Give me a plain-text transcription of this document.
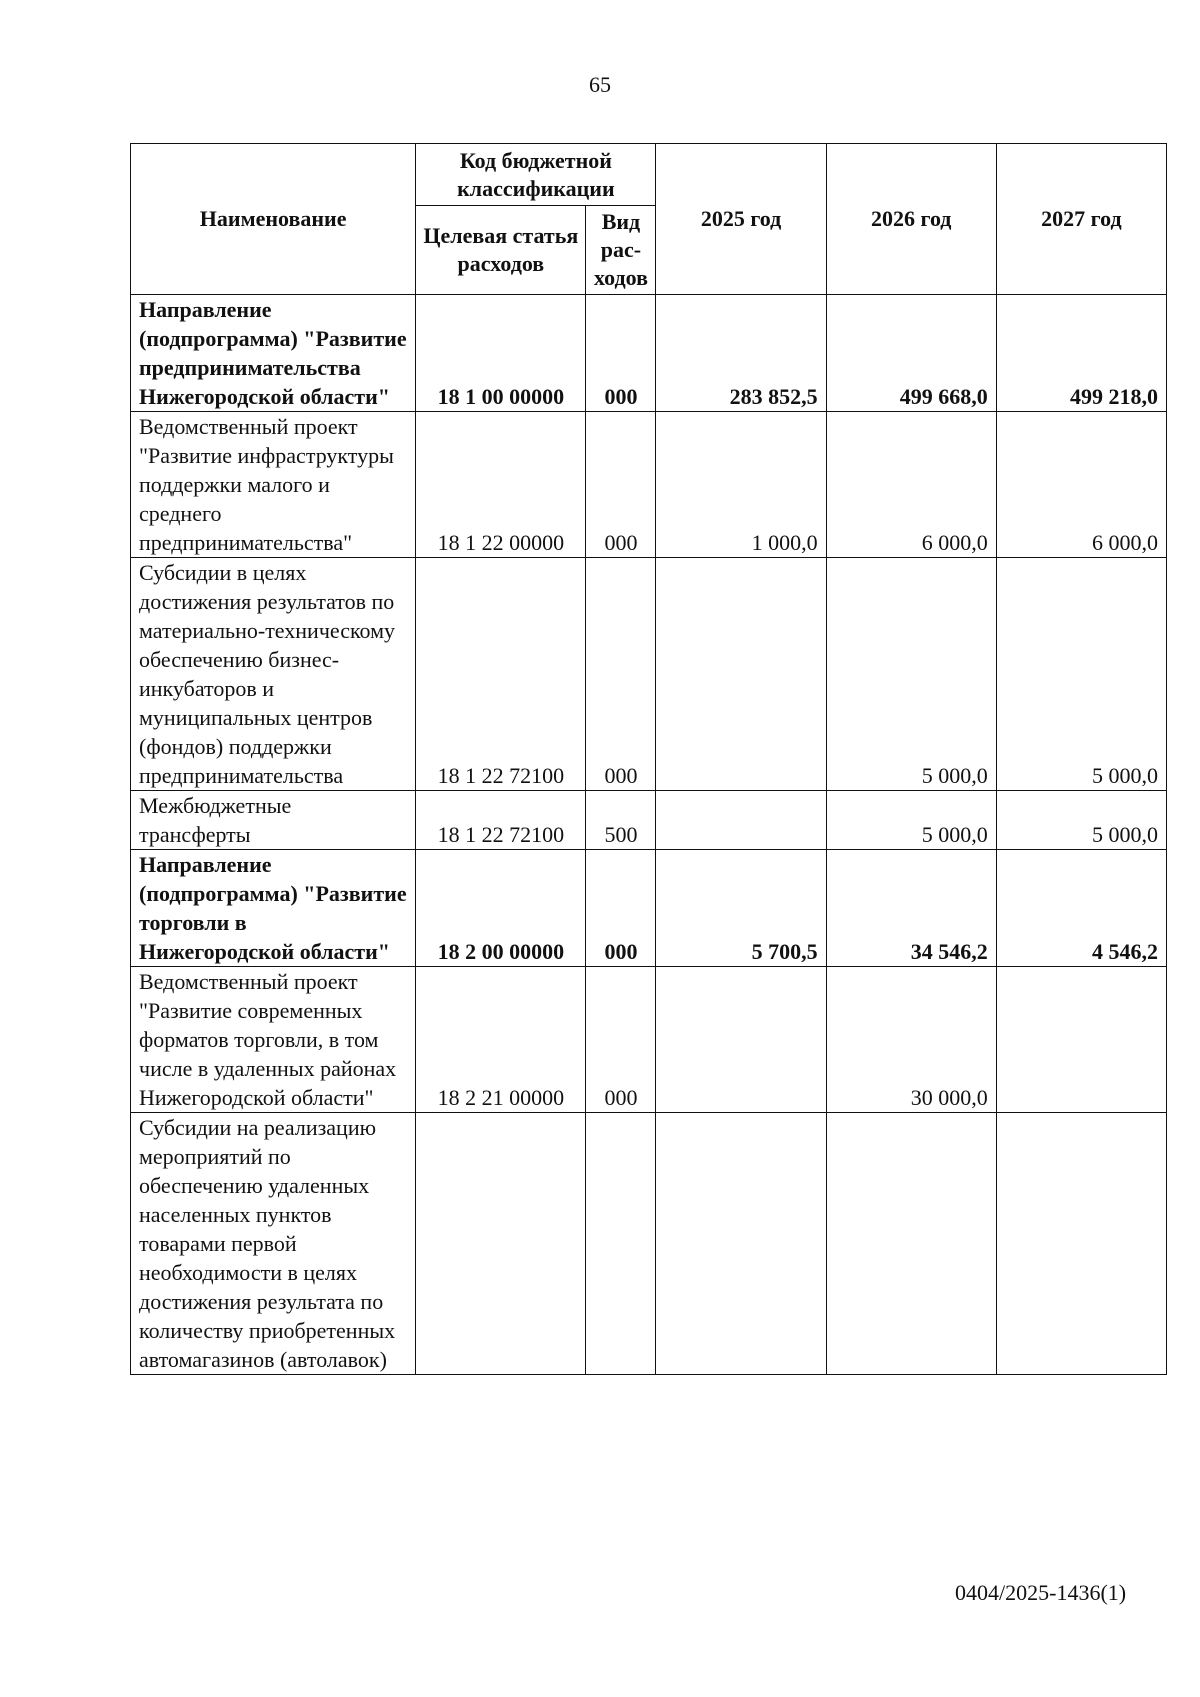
65
Наименование	Код бюджетной классификации		2025 год	2026 год	2027 год
	Целевая статья расходов	Вид рас-ходов			
Направление (подпрограмма) "Развитие предпринимательства Нижегородской области"	18 1 00 00000	000	283 852,5	499 668,0	499 218,0
Ведомственный проект "Развитие инфраструктуры поддержки малого и среднего предпринимательства"	18 1 22 00000	000	1 000,0	6 000,0	6 000,0
Субсидии в целях достижения результатов по материально-техническому обеспечению бизнес-инкубаторов и муниципальных центров (фондов) поддержки предпринимательства	18 1 22 72100	000		5 000,0	5 000,0
Межбюджетные трансферты	18 1 22 72100	500		5 000,0	5 000,0
Направление (подпрограмма) "Развитие торговли в Нижегородской области"	18 2 00 00000	000	5 700,5	34 546,2	4 546,2
Ведомственный проект "Развитие современных форматов торговли, в том числе в удаленных районах Нижегородской области"	18 2 21 00000	000		30 000,0	
Субсидии на реализацию мероприятий по обеспечению удаленных населенных пунктов товарами первой необходимости в целях достижения результата по количеству приобретенных автомагазинов (автолавок)					
0404/2025-1436(1)
